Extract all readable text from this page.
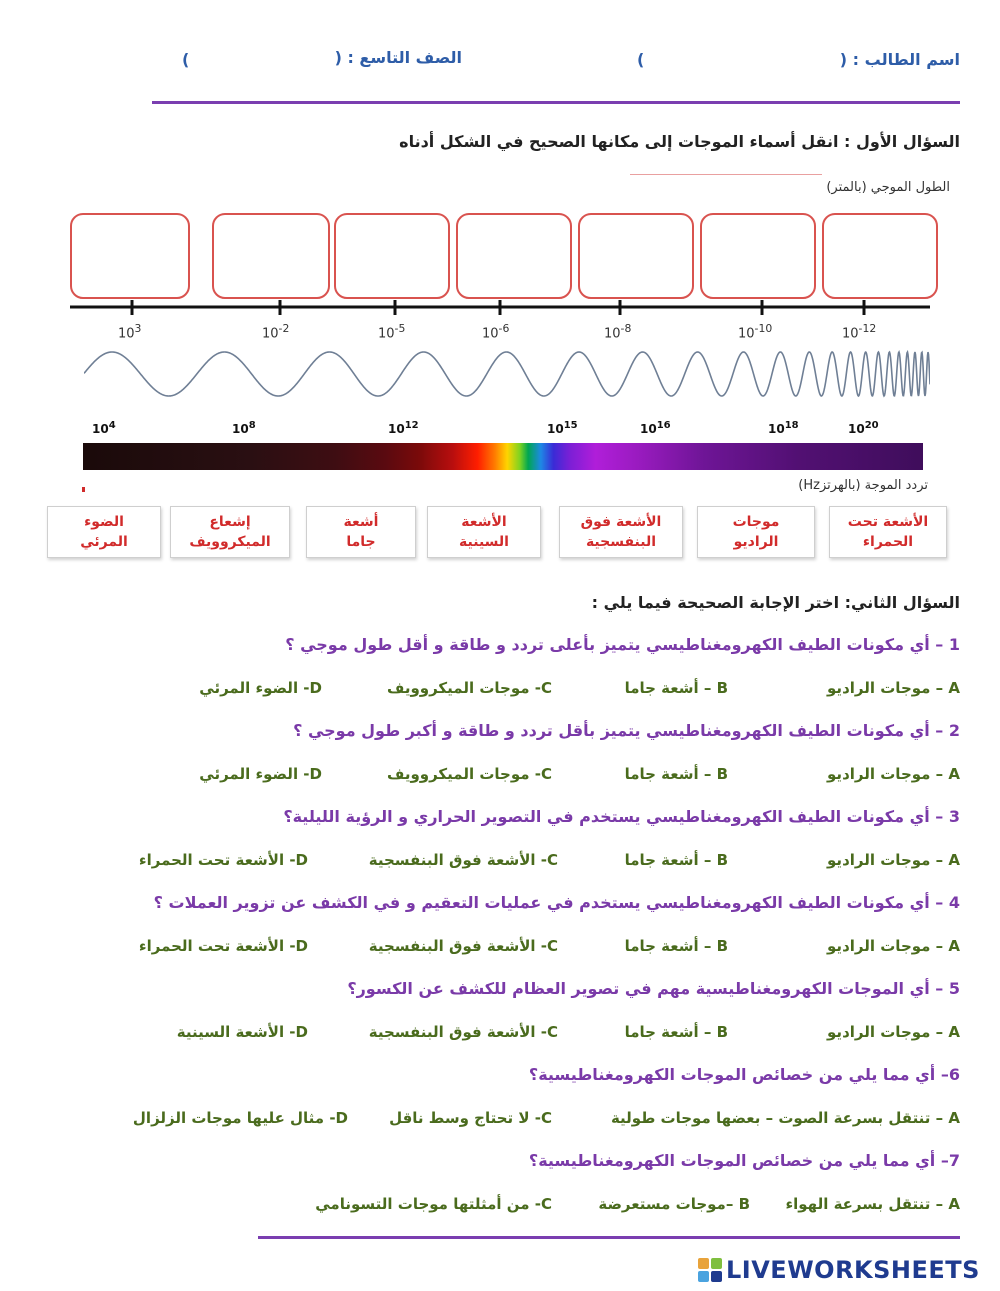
اسم الطالب : (
)
الصف التاسع : (
)
السؤال الأول : انقل أسماء الموجات إلى مكانها الصحيح في الشكل أدناه
الطول الموجي (بالمتر)
$10^3$	$10^{-2}$	$10^{-5}$	$10^{-6}$	$10^{-8}$	$10^{-10}$	$10^{-12}$
$10^4$	$10^8$	$10^{12}$	$10^{15}$	$10^{16}$	$10^{18}$	$10^{20}$
تردد الموجة (بالهرتزHz)
الأشعة تحت
الحمراء
موجات
الراديو
الأشعة فوق
البنفسجية
الأشعة
السينية
أشعة
جاما
إشعاع
الميكروويف
الضوء
المرئي
السؤال الثاني: اختر الإجابة الصحيحة فيما يلي :
1 – أي مكونات الطيف الكهرومغناطيسي يتميز بأعلى تردد و طاقة و أقل طول موجي ؟
A – موجات الراديو
B – أشعة جاما
C- موجات الميكروويف
D- الضوء المرئي
2 – أي مكونات الطيف الكهرومغناطيسي يتميز بأقل تردد و طاقة و أكبر طول موجي ؟
A – موجات الراديو
B – أشعة جاما
C- موجات الميكروويف
D- الضوء المرئي
3 – أي مكونات الطيف الكهرومغناطيسي يستخدم في التصوير الحراري و الرؤية الليلية؟
A – موجات الراديو
B – أشعة جاما
C- الأشعة فوق البنفسجية
D- الأشعة تحت الحمراء
4 – أي مكونات الطيف الكهرومغناطيسي يستخدم في عمليات التعقيم و في الكشف عن تزوير العملات ؟
A – موجات الراديو
B – أشعة جاما
C- الأشعة فوق البنفسجية
D- الأشعة تحت الحمراء
5 – أي الموجات الكهرومغناطيسية مهم في تصوير العظام للكشف عن الكسور؟
A – موجات الراديو
B – أشعة جاما
C- الأشعة فوق البنفسجية
D- الأشعة السينية
6– أي مما يلي من خصائص الموجات الكهرومغناطيسية؟
A – تنتقل بسرعة الصوت – بعضها موجات طولية
C- لا تحتاج وسط ناقل
D- مثال عليها موجات الزلزال
7– أي مما يلي من خصائص الموجات الكهرومغناطيسية؟
A – تنتقل بسرعة الهواء
B –موجات مستعرضة
C- من أمثلتها موجات التسونامي
LIVEWORKSHEETS
